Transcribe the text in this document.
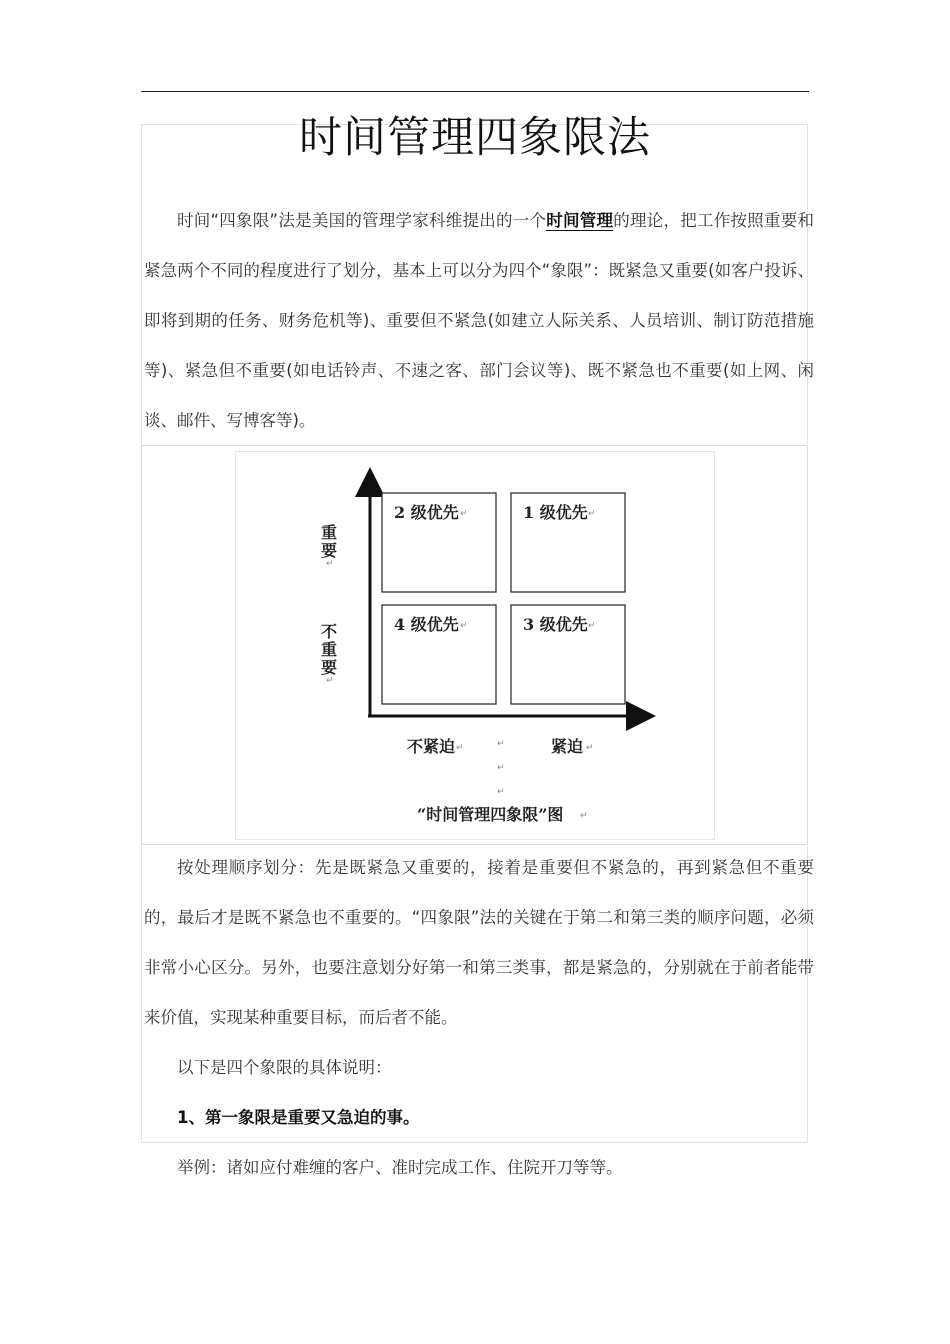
时间管理四象限法

时间“四象限”法是美国的管理学家科维提出的一个时间管理的理论，把工作按照重要和紧急两个不同的程度进行了划分，基本上可以分为四个“象限”：既紧急又重要(如客户投诉、即将到期的任务、财务危机等)、重要但不紧急(如建立人际关系、人员培训、制订防范措施等)、紧急但不重要(如电话铃声、不速之客、部门会议等)、既不紧急也不重要(如上网、闲谈、邮件、写博客等)。

2 级优先 ↵	1 级优先 ↵
4 级优先 ↵	3 级优先 ↵
重
要
↵
不
重
要
↵
不紧迫 ↵	↵	紧迫 ↵
↵
↵
“时间管理四象限”图 ↵

按处理顺序划分：先是既紧急又重要的，接着是重要但不紧急的，再到紧急但不重要的，最后才是既不紧急也不重要的。“四象限”法的关键在于第二和第三类的顺序问题，必须非常小心区分。另外，也要注意划分好第一和第三类事，都是紧急的，分别就在于前者能带来价值，实现某种重要目标，而后者不能。

以下是四个象限的具体说明：

1、第一象限是重要又急迫的事。

举例：诸如应付难缠的客户、准时完成工作、住院开刀等等。
